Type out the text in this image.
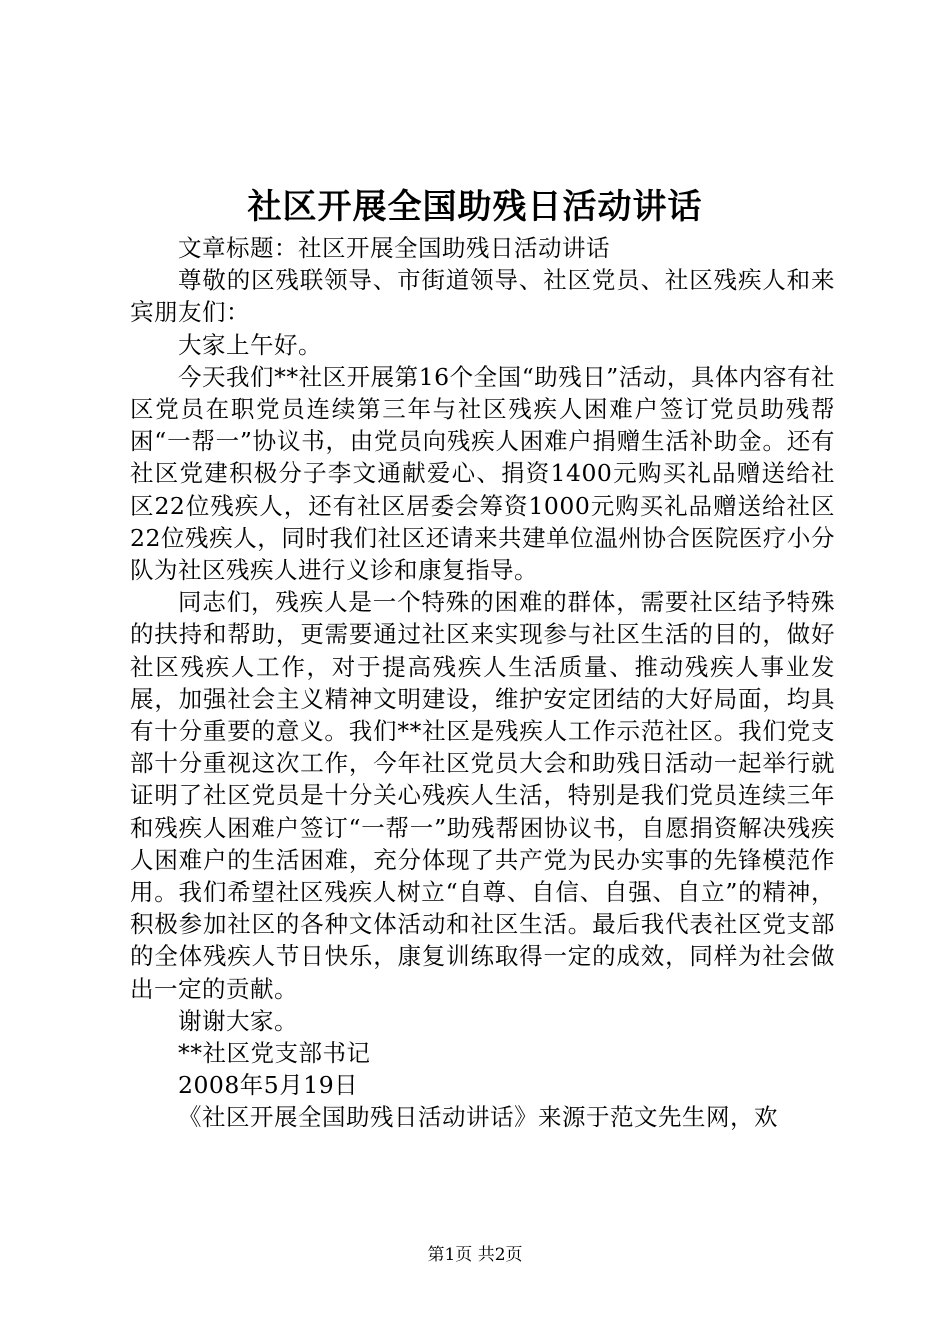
社区开展全国助残日活动讲话

文章标题：社区开展全国助残日活动讲话

尊敬的区残联领导、市街道领导、社区党员、社区残疾人和来宾朋友们：

大家上午好。

今天我们**社区开展第16个全国“助残日”活动，具体内容有社区党员在职党员连续第三年与社区残疾人困难户签订党员助残帮困“一帮一”协议书，由党员向残疾人困难户捐赠生活补助金。还有社区党建积极分子李文通献爱心、捐资1400元购买礼品赠送给社区22位残疾人，还有社区居委会筹资1000元购买礼品赠送给社区22位残疾人，同时我们社区还请来共建单位温州协合医院医疗小分队为社区残疾人进行义诊和康复指导。

同志们，残疾人是一个特殊的困难的群体，需要社区结予特殊的扶持和帮助，更需要通过社区来实现参与社区生活的目的，做好社区残疾人工作，对于提高残疾人生活质量、推动残疾人事业发展，加强社会主义精神文明建设，维护安定团结的大好局面，均具有十分重要的意义。我们**社区是残疾人工作示范社区。我们党支部十分重视这次工作，今年社区党员大会和助残日活动一起举行就证明了社区党员是十分关心残疾人生活，特别是我们党员连续三年和残疾人困难户签订“一帮一”助残帮困协议书，自愿捐资解决残疾人困难户的生活困难，充分体现了共产党为民办实事的先锋模范作用。我们希望社区残疾人树立“自尊、自信、自强、自立”的精神，积极参加社区的各种文体活动和社区生活。最后我代表社区党支部的全体残疾人节日快乐，康复训练取得一定的成效，同样为社会做出一定的贡献。

谢谢大家。

**社区党支部书记

2008年5月19日

《社区开展全国助残日活动讲话》来源于范文先生网，欢

第1页 共2页
